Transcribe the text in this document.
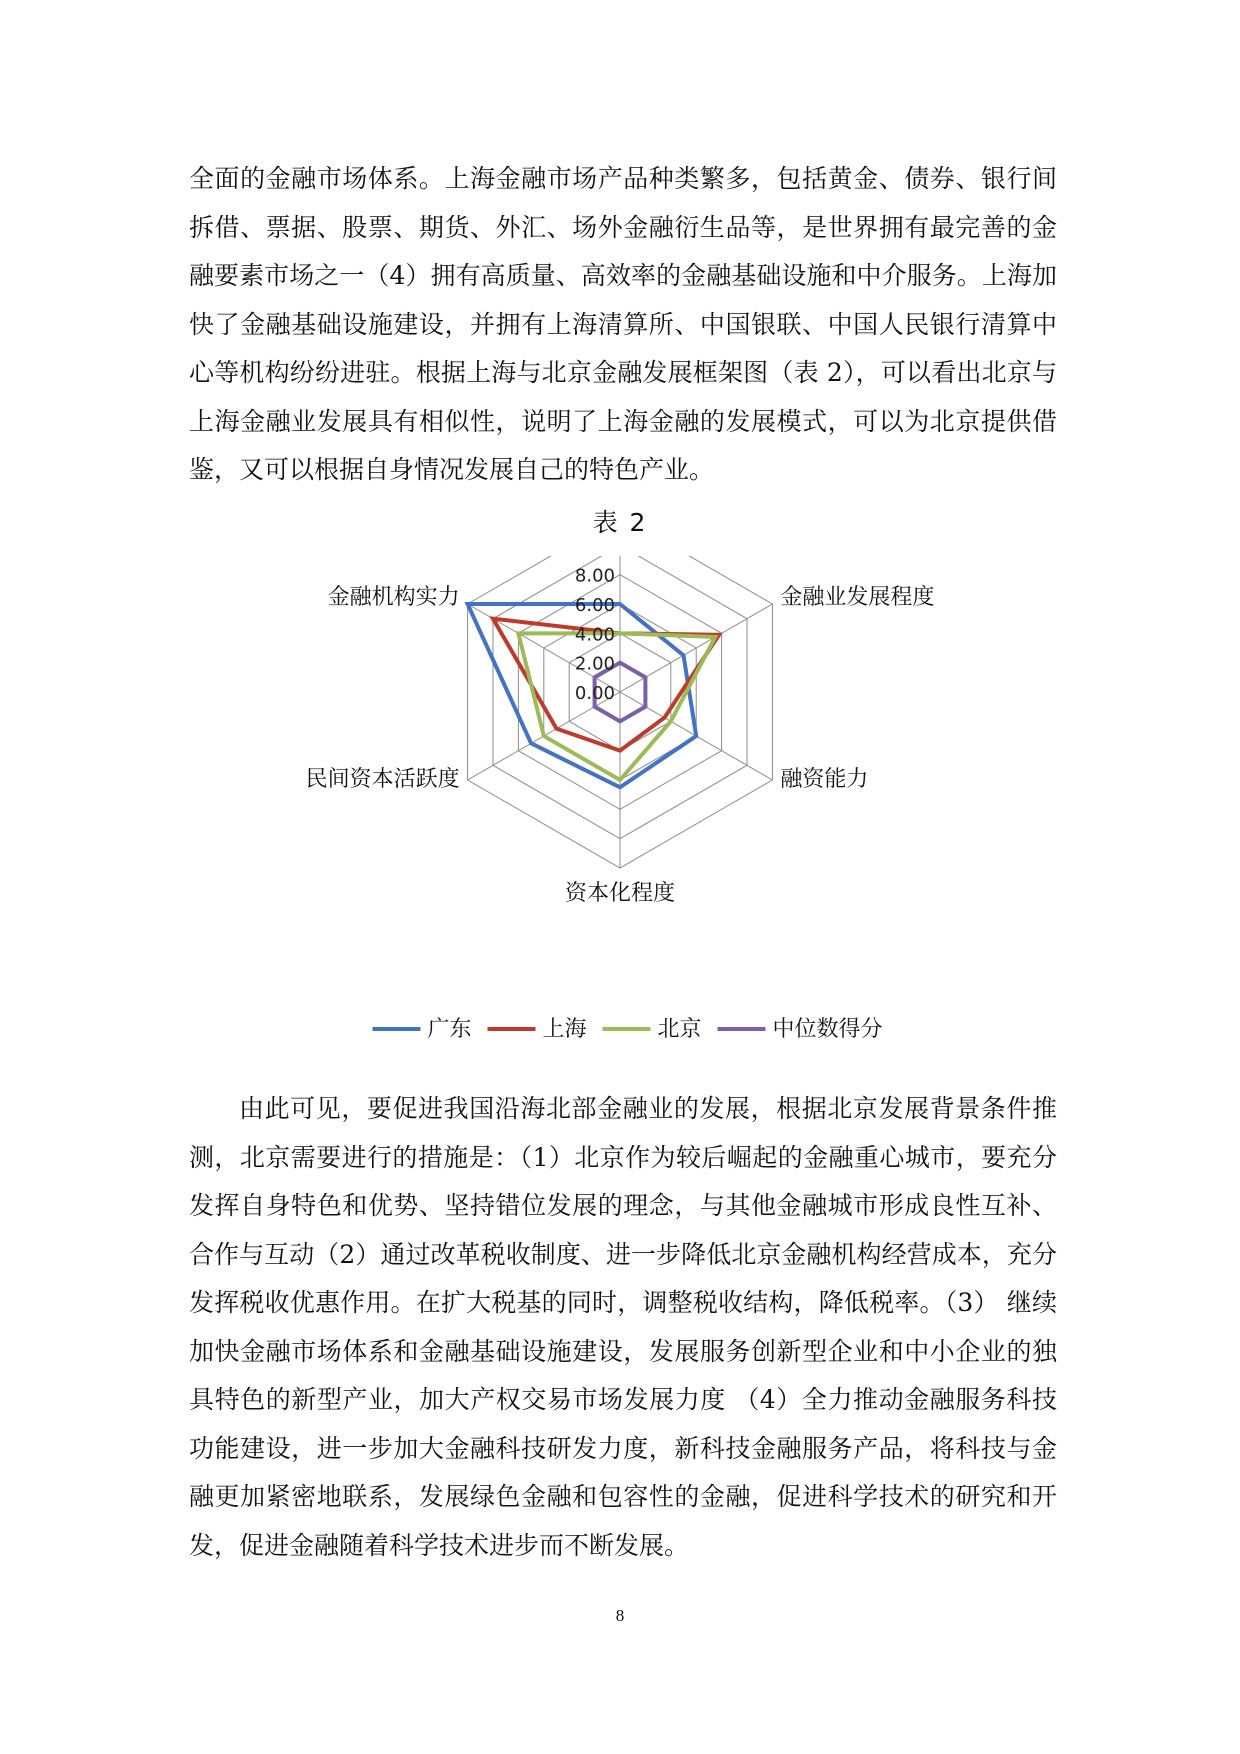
全面的金融市场体系。上海金融市场产品种类繁多，包括黄金、债券、银行间拆借、票据、股票、期货、外汇、场外金融衍生品等，是世界拥有最完善的金融要素市场之一（4）拥有高质量、高效率的金融基础设施和中介服务。上海加快了金融基础设施建设，并拥有上海清算所、中国银联、中国人民银行清算中心等机构纷纷进驻。根据上海与北京金融发展框架图（表 2），可以看出北京与上海金融业发展具有相似性，说明了上海金融的发展模式，可以为北京提供借鉴，又可以根据自身情况发展自己的特色产业。

表 2

0.00
2.00
4.00
6.00
8.00
金融业发展程度
融资能力
资本化程度
民间资本活跃度
金融机构实力
广东	上海	北京	中位数得分

由此可见，要促进我国沿海北部金融业的发展，根据北京发展背景条件推测，北京需要进行的措施是：（1）北京作为较后崛起的金融重心城市，要充分发挥自身特色和优势、坚持错位发展的理念，与其他金融城市形成良性互补、合作与互动（2）通过改革税收制度、进一步降低北京金融机构经营成本，充分发挥税收优惠作用。在扩大税基的同时，调整税收结构，降低税率。（3） 继续加快金融市场体系和金融基础设施建设，发展服务创新型企业和中小企业的独具特色的新型产业，加大产权交易市场发展力度 （4）全力推动金融服务科技功能建设，进一步加大金融科技研发力度，新科技金融服务产品，将科技与金融更加紧密地联系，发展绿色金融和包容性的金融，促进科学技术的研究和开发，促进金融随着科学技术进步而不断发展。

8
